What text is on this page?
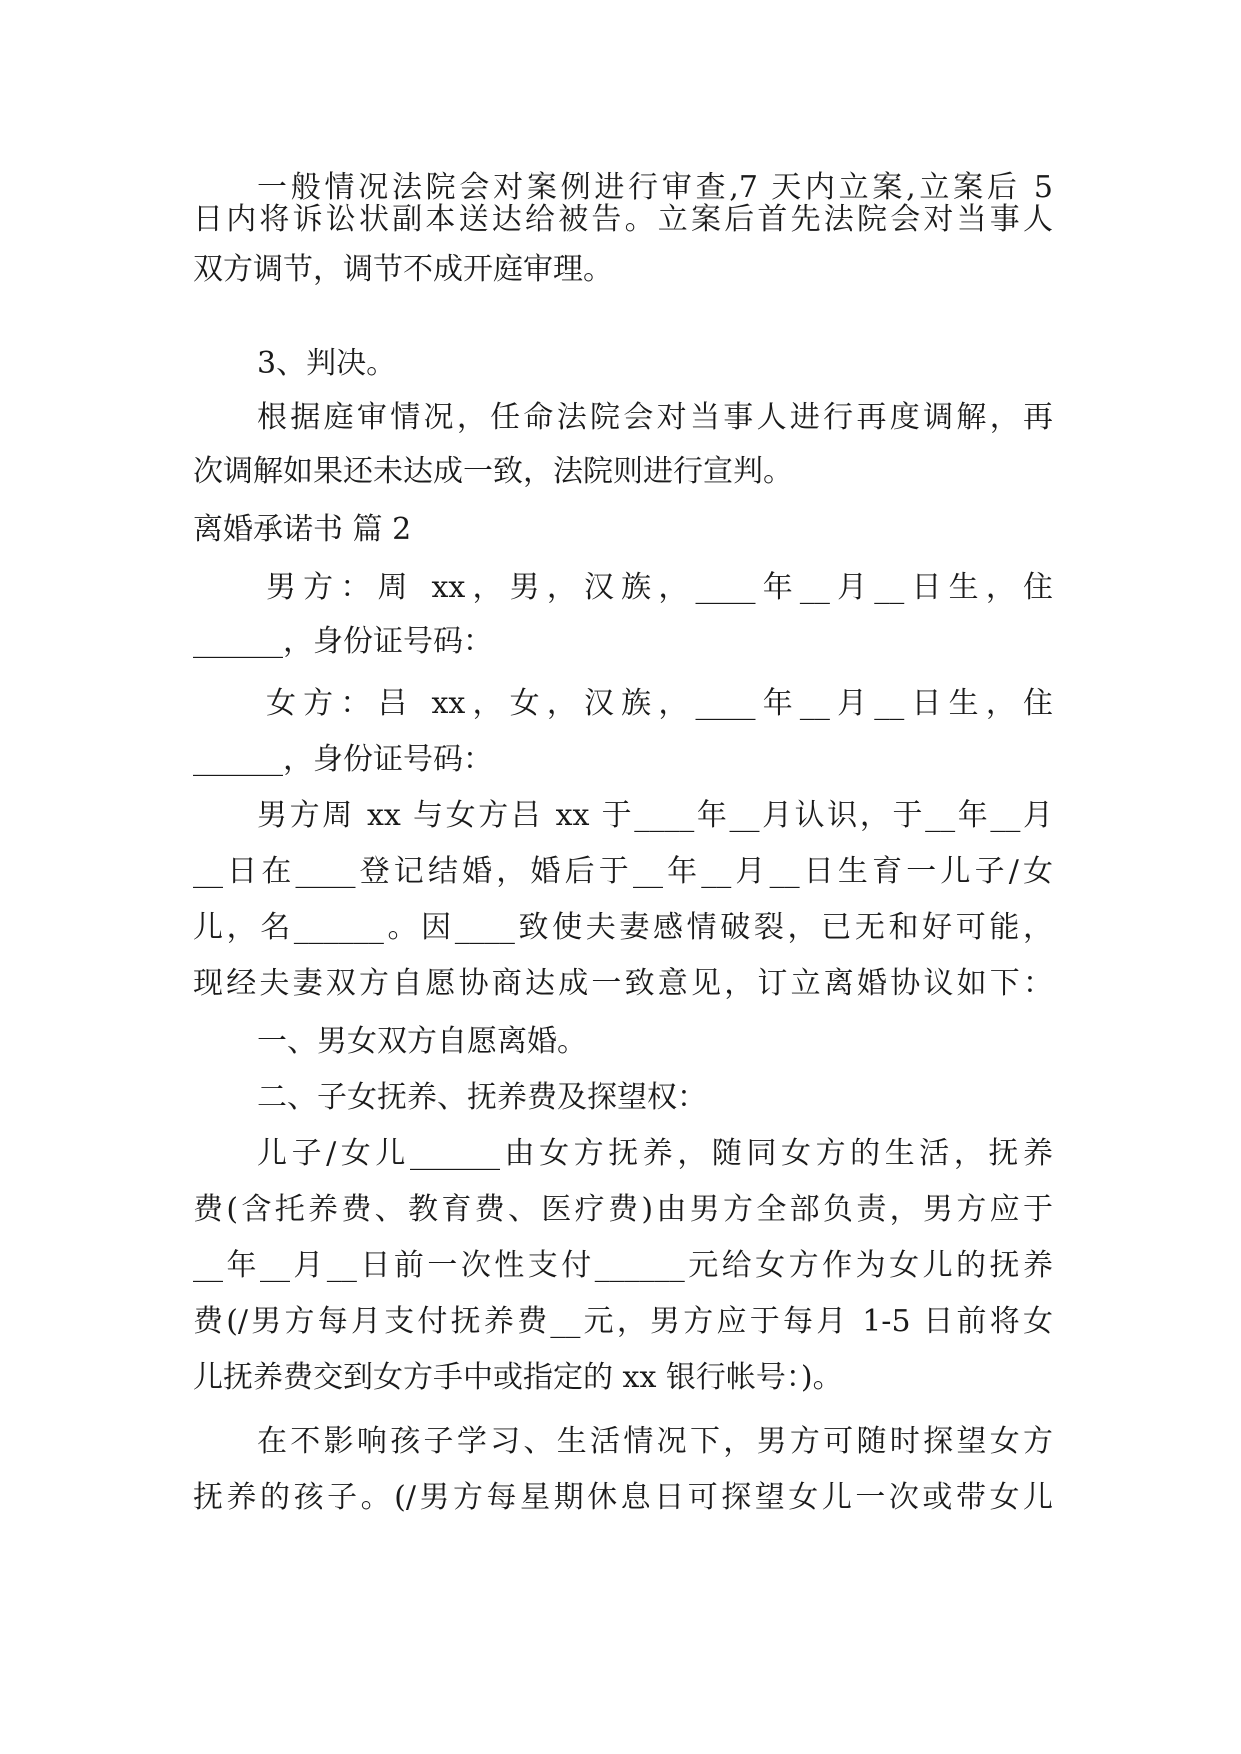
一般情况法院会对案例进行审查,7 天内立案,立案后 5
日内将诉讼状副本送达给被告。立案后首先法院会对当事人
双方调节，调节不成开庭审理。
3、判决。
根据庭审情况，任命法院会对当事人进行再度调解，再
次调解如果还未达成一致，法院则进行宣判。
离婚承诺书 篇 2
男方：周 xx，男，汉族，____年__月__日生，住
______，身份证号码：
女方：吕 xx，女，汉族，____年__月__日生，住
______，身份证号码：
男方周 xx 与女方吕 xx 于____年__月认识，于__年__月
__日在____登记结婚，婚后于__年__月__日生育一儿子/女
儿，名______。因____致使夫妻感情破裂，已无和好可能，
现经夫妻双方自愿协商达成一致意见，订立离婚协议如下：
一、男女双方自愿离婚。
二、子女抚养、抚养费及探望权：
儿子/女儿______由女方抚养，随同女方的生活，抚养
费(含托养费、教育费、医疗费)由男方全部负责，男方应于
__年__月__日前一次性支付______元给女方作为女儿的抚养
费(/男方每月支付抚养费__元，男方应于每月 1-5 日前将女
儿抚养费交到女方手中或指定的 xx 银行帐号：)。
在不影响孩子学习、生活情况下，男方可随时探望女方
抚养的孩子。(/男方每星期休息日可探望女儿一次或带女儿
